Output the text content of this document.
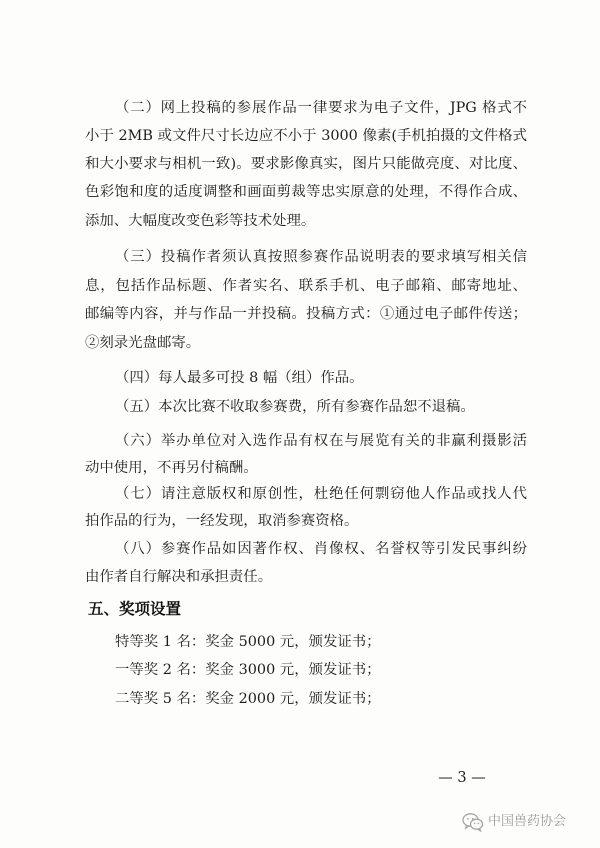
（二）网上投稿的参展作品一律要求为电子文件，JPG 格式不
小于 2MB 或文件尺寸长边应不小于 3000 像素(手机拍摄的文件格式
和大小要求与相机一致)。要求影像真实，图片只能做亮度、对比度、
色彩饱和度的适度调整和画面剪裁等忠实原意的处理，不得作合成、
添加、大幅度改变色彩等技术处理。
（三）投稿作者须认真按照参赛作品说明表的要求填写相关信
息，包括作品标题、作者实名、联系手机、电子邮箱、邮寄地址、
邮编等内容，并与作品一并投稿。投稿方式：①通过电子邮件传送；
②刻录光盘邮寄。
（四）每人最多可投 8 幅（组）作品。
（五）本次比赛不收取参赛费，所有参赛作品恕不退稿。
（六）举办单位对入选作品有权在与展览有关的非赢利摄影活
动中使用，不再另付稿酬。
（七）请注意版权和原创性，杜绝任何剽窃他人作品或找人代
拍作品的行为，一经发现，取消参赛资格。
（八）参赛作品如因著作权、肖像权、名誉权等引发民事纠纷
由作者自行解决和承担责任。
五、奖项设置
特等奖 1 名：奖金 5000 元，颁发证书；
一等奖 2 名：奖金 3000 元，颁发证书；
二等奖 5 名：奖金 2000 元，颁发证书；
— 3 —
中国兽药协会
